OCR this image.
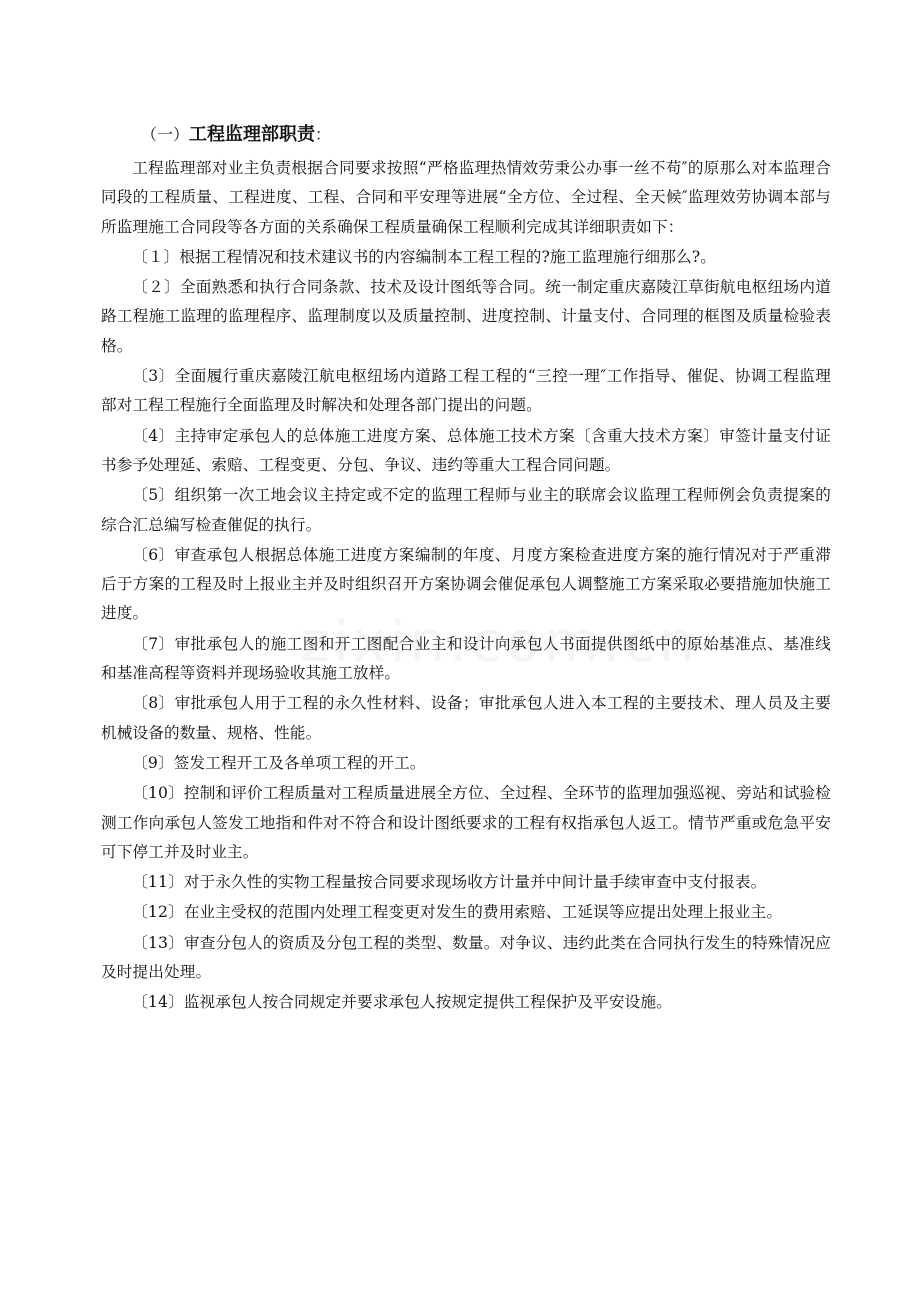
（一）工程监理部职责：

工程监理部对业主负责根据合同要求按照“严格监理热情效劳秉公办事一丝不苟″的原那么对本监理合同段的工程质量、工程进度、工程、合同和平安理等进展“全方位、全过程、全天候″监理效劳协调本部与所监理施工合同段等各方面的关系确保工程质量确保工程顺利完成其详细职责如下：

〔１〕根据工程情况和技术建议书的内容编制本工程工程的?施工监理施行细那么?。

〔２〕全面熟悉和执行合同条款、技术及设计图纸等合同。统一制定重庆嘉陵江草街航电枢纽场内道路工程施工监理的监理程序、监理制度以及质量控制、进度控制、计量支付、合同理的框图及质量检验表格。

〔3〕全面履行重庆嘉陵江航电枢纽场内道路工程工程的“三控一理″工作指导、催促、协调工程监理部对工程工程施行全面监理及时解决和处理各部门提出的问题。

〔4〕主持审定承包人的总体施工进度方案、总体施工技术方案〔含重大技术方案〕审签计量支付证书参予处理延、索赔、工程变更、分包、争议、违约等重大工程合同问题。

〔5〕组织第一次工地会议主持定或不定的监理工程师与业主的联席会议监理工程师例会负责提案的综合汇总编写检查催促的执行。

〔6〕审查承包人根据总体施工进度方案编制的年度、月度方案检查进度方案的施行情况对于严重滞后于方案的工程及时上报业主并及时组织召开方案协调会催促承包人调整施工方案采取必要措施加快施工进度。

〔7〕审批承包人的施工图和开工图配合业主和设计向承包人书面提供图纸中的原始基准点、基准线和基准高程等资料并现场验收其施工放样。

〔8〕审批承包人用于工程的永久性材料、设备；审批承包人进入本工程的主要技术、理人员及主要机械设备的数量、规格、性能。

〔9〕签发工程开工及各单项工程的开工。

〔10〕控制和评价工程质量对工程质量进展全方位、全过程、全环节的监理加强巡视、旁站和试验检测工作向承包人签发工地指和件对不符合和设计图纸要求的工程有权指承包人返工。情节严重或危急平安可下停工并及时业主。

〔11〕对于永久性的实物工程量按合同要求现场收方计量并中间计量手续审查中支付报表。

〔12〕在业主受权的范围内处理工程变更对发生的费用索赔、工延误等应提出处理上报业主。

〔13〕审查分包人的资质及分包工程的类型、数量。对争议、违约此类在合同执行发生的特殊情况应及时提出处理。

〔14〕监视承包人按合同规定并要求承包人按规定提供工程保护及平安设施。
